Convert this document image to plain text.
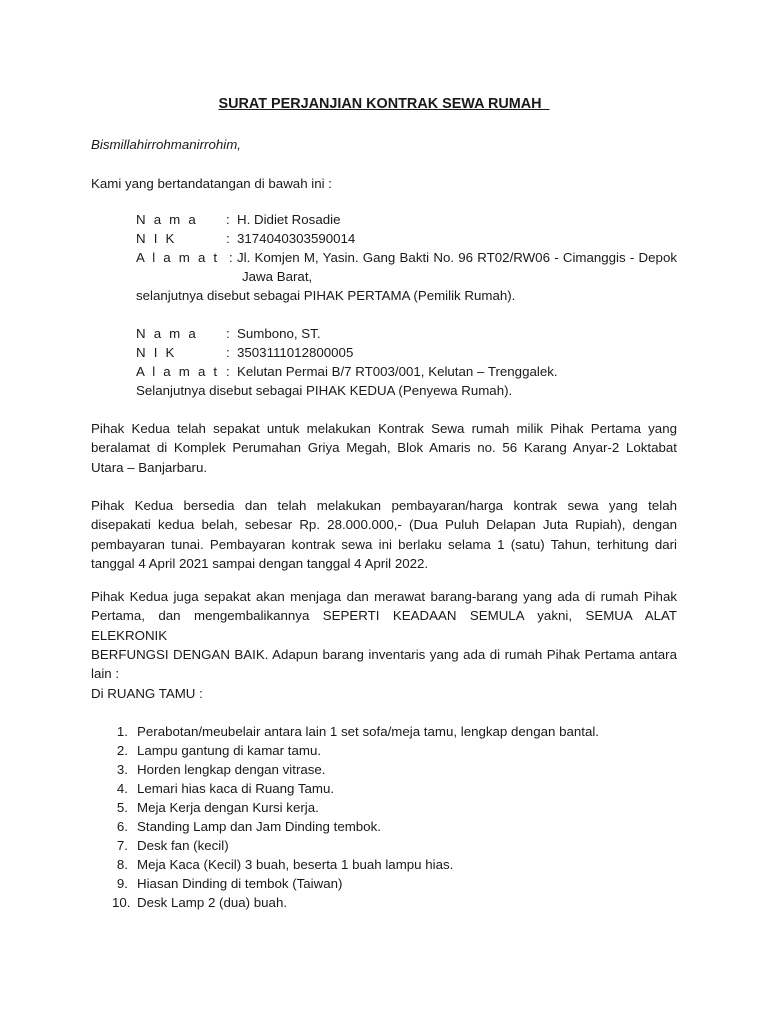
SURAT PERJANJIAN KONTRAK SEWA RUMAH
Bismillahirrohmanirrohim,
Kami yang bertandatangan di bawah ini :
N a m a : H. Didiet Rosadie
N I K	: 3174040303590014
A l a m a t : Jl. Komjen M, Yasin. Gang Bakti No. 96 RT02/RW06 - Cimanggis - Depok
Jawa Barat,
selanjutnya disebut sebagai PIHAK PERTAMA (Pemilik Rumah).
N a m a : Sumbono, ST.
N I K	: 3503111012800005
A l a m a t : Kelutan Permai B/7 RT003/001, Kelutan – Trenggalek.
Selanjutnya disebut sebagai PIHAK KEDUA (Penyewa Rumah).
Pihak Kedua telah sepakat untuk melakukan Kontrak Sewa rumah milik Pihak Pertama yang
beralamat di Komplek Perumahan Griya Megah, Blok Amaris no. 56 Karang Anyar-2 Loktabat
Utara – Banjarbaru.
Pihak Kedua bersedia dan telah melakukan pembayaran/harga kontrak sewa yang telah
disepakati kedua belah, sebesar Rp. 28.000.000,- (Dua Puluh Delapan Juta Rupiah), dengan
pembayaran tunai. Pembayaran kontrak sewa ini berlaku selama 1 (satu) Tahun, terhitung dari
tanggal 4 April 2021 sampai dengan tanggal 4 April 2022.
Pihak Kedua juga sepakat akan menjaga dan merawat barang-barang yang ada di rumah Pihak
Pertama, dan mengembalikannya SEPERTI KEADAAN SEMULA yakni, SEMUA ALAT ELEKRONIK
BERFUNGSI DENGAN BAIK. Adapun barang inventaris yang ada di rumah Pihak Pertama antara
lain :
Di RUANG TAMU :
1. Perabotan/meubelair antara lain 1 set sofa/meja tamu, lengkap dengan bantal.
2. Lampu gantung di kamar tamu.
3. Horden lengkap dengan vitrase.
4. Lemari hias kaca di Ruang Tamu.
5. Meja Kerja dengan Kursi kerja.
6. Standing Lamp dan Jam Dinding tembok.
7. Desk fan (kecil)
8. Meja Kaca (Kecil) 3 buah, beserta 1 buah lampu hias.
9. Hiasan Dinding di tembok (Taiwan)
10. Desk Lamp 2 (dua) buah.
